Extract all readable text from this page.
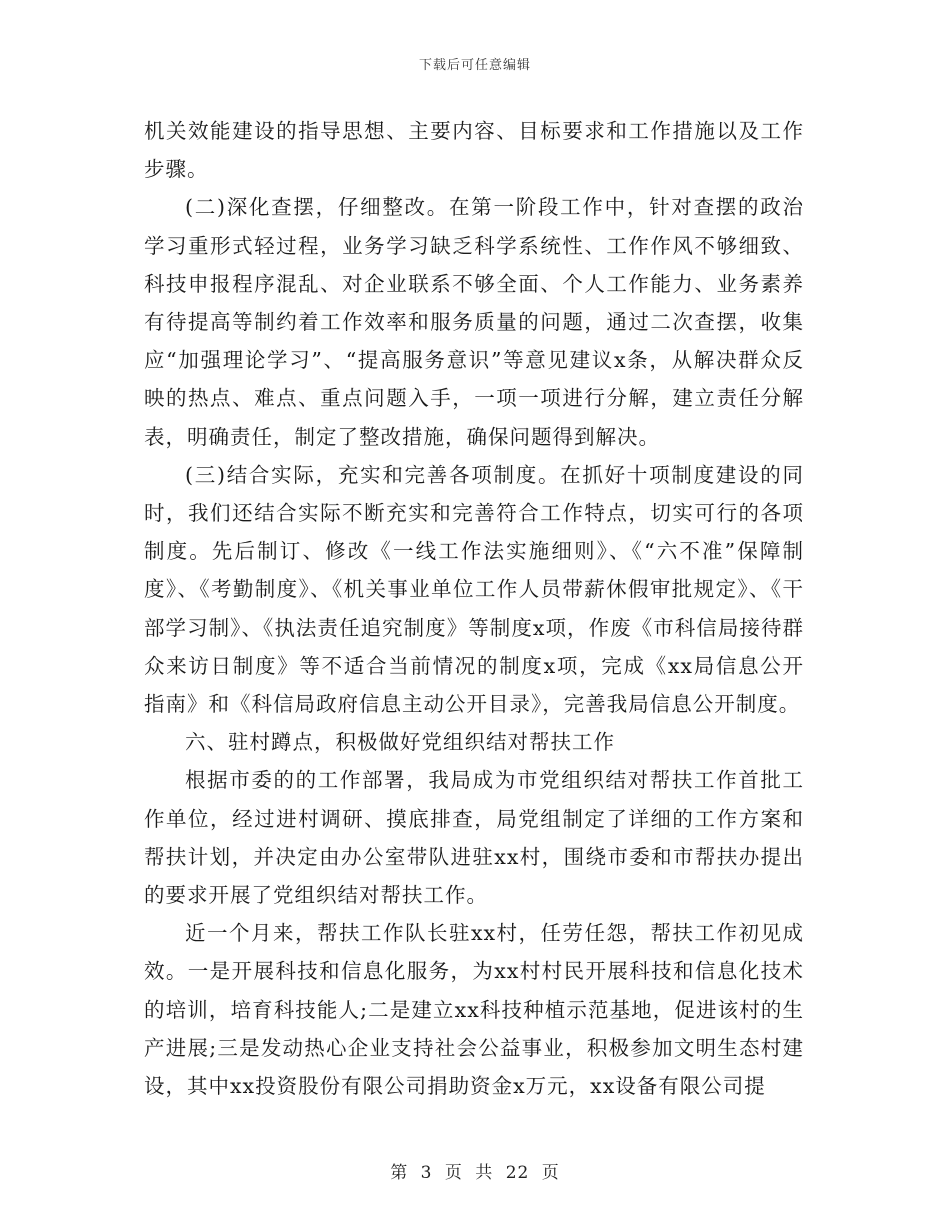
下载后可任意编辑

机关效能建设的指导思想、主要内容、目标要求和工作措施以及工作步骤。

(二)深化查摆，仔细整改。在第一阶段工作中，针对查摆的政治学习重形式轻过程，业务学习缺乏科学系统性、工作作风不够细致、科技申报程序混乱、对企业联系不够全面、个人工作能力、业务素养有待提高等制约着工作效率和服务质量的问题，通过二次查摆，收集应“加强理论学习”、“提高服务意识”等意见建议x条，从解决群众反映的热点、难点、重点问题入手，一项一项进行分解，建立责任分解表，明确责任，制定了整改措施，确保问题得到解决。

(三)结合实际，充实和完善各项制度。在抓好十项制度建设的同时，我们还结合实际不断充实和完善符合工作特点，切实可行的各项制度。先后制订、修改《一线工作法实施细则》、《“六不准”保障制度》、《考勤制度》、《机关事业单位工作人员带薪休假审批规定》、《干部学习制》、《执法责任追究制度》等制度x项，作废《市科信局接待群众来访日制度》等不适合当前情况的制度x项，完成《xx局信息公开指南》和《科信局政府信息主动公开目录》，完善我局信息公开制度。

六、驻村蹲点，积极做好党组织结对帮扶工作

根据市委的的工作部署，我局成为市党组织结对帮扶工作首批工作单位，经过进村调研、摸底排查，局党组制定了详细的工作方案和帮扶计划，并决定由办公室带队进驻xx村，围绕市委和市帮扶办提出的要求开展了党组织结对帮扶工作。

近一个月来，帮扶工作队长驻xx村，任劳任怨，帮扶工作初见成效。一是开展科技和信息化服务，为xx村村民开展科技和信息化技术的培训，培育科技能人;二是建立xx科技种植示范基地，促进该村的生产进展;三是发动热心企业支持社会公益事业，积极参加文明生态村建设，其中xx投资股份有限公司捐助资金x万元，xx设备有限公司提

第 3 页 共 22 页
